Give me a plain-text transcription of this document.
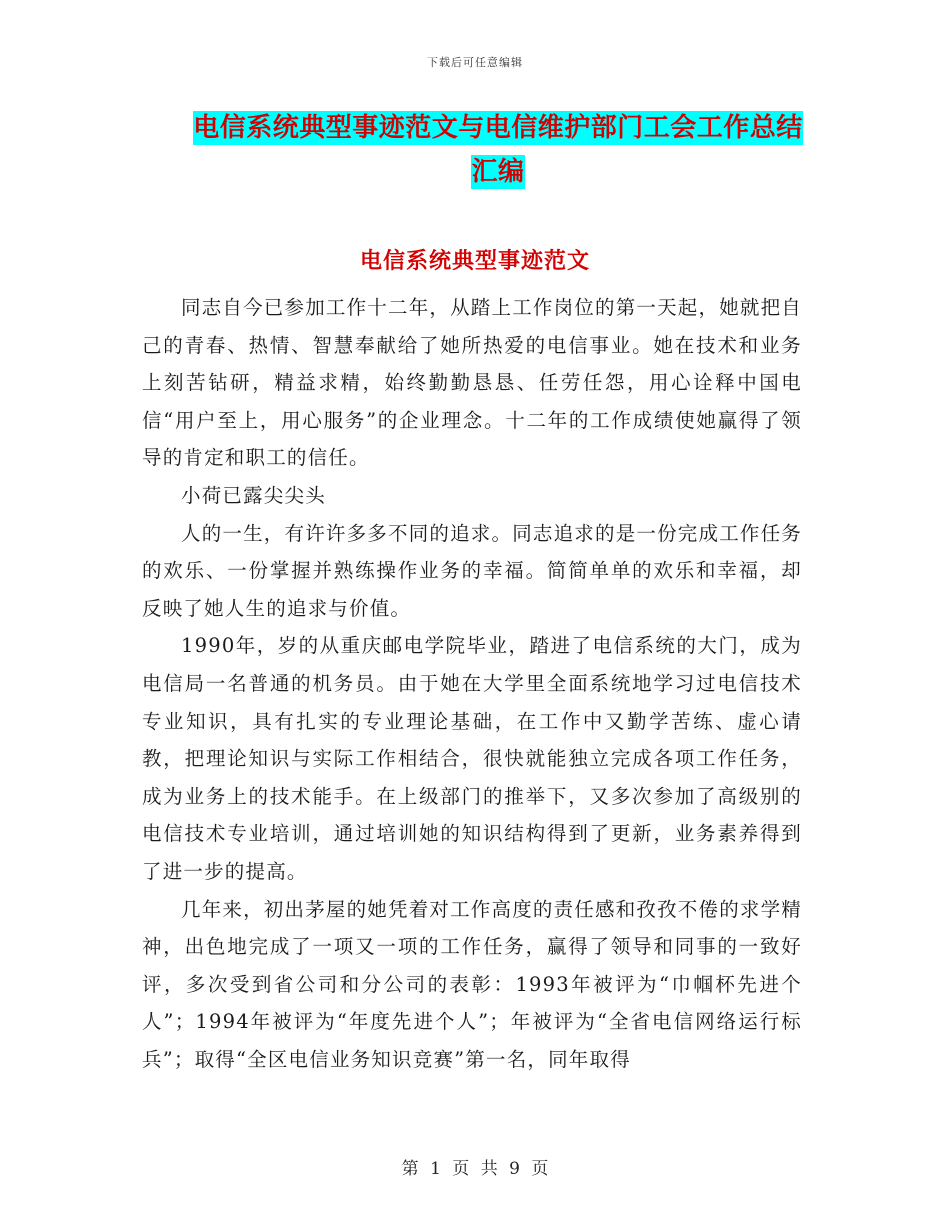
下载后可任意编辑
电信系统典型事迹范文与电信维护部门工会工作总结汇编
电信系统典型事迹范文

同志自今已参加工作十二年，从踏上工作岗位的第一天起，她就把自己的青春、热情、智慧奉献给了她所热爱的电信事业。她在技术和业务上刻苦钻研，精益求精，始终勤勤恳恳、任劳任怨，用心诠释中国电信“用户至上，用心服务”的企业理念。十二年的工作成绩使她赢得了领导的肯定和职工的信任。

小荷已露尖尖头

人的一生，有许许多多不同的追求。同志追求的是一份完成工作任务的欢乐、一份掌握并熟练操作业务的幸福。简简单单的欢乐和幸福，却反映了她人生的追求与价值。

1990年，岁的从重庆邮电学院毕业，踏进了电信系统的大门，成为电信局一名普通的机务员。由于她在大学里全面系统地学习过电信技术专业知识，具有扎实的专业理论基础，在工作中又勤学苦练、虚心请教，把理论知识与实际工作相结合，很快就能独立完成各项工作任务，成为业务上的技术能手。在上级部门的推举下，又多次参加了高级别的电信技术专业培训，通过培训她的知识结构得到了更新，业务素养得到了进一步的提高。

几年来，初出茅屋的她凭着对工作高度的责任感和孜孜不倦的求学精神，出色地完成了一项又一项的工作任务，赢得了领导和同事的一致好评，多次受到省公司和分公司的表彰：1993年被评为“巾帼杯先进个人”；1994年被评为“年度先进个人”；年被评为“全省电信网络运行标兵”；取得“全区电信业务知识竞赛”第一名，同年取得

第 1 页 共 9 页
